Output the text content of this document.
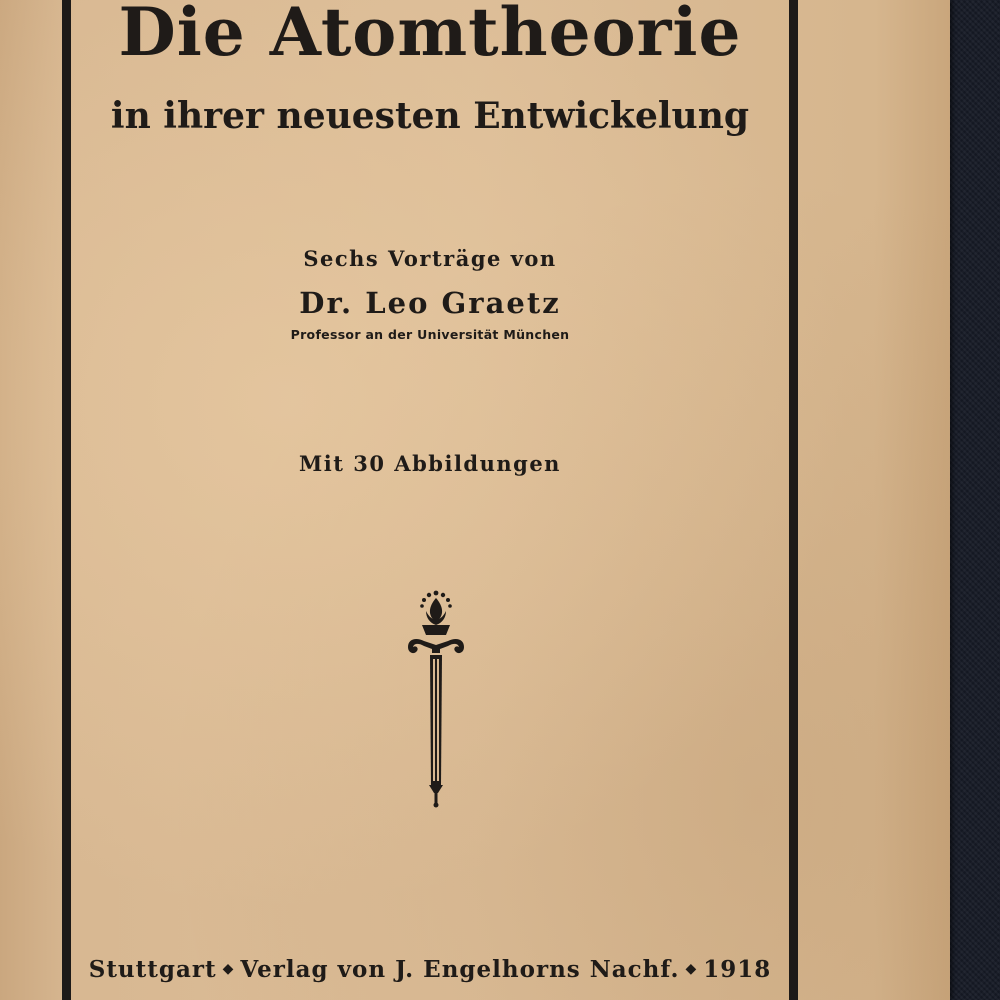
Die Atomtheorie
in ihrer neuesten Entwickelung
Sechs Vorträge von
Dr. Leo Graetz
Professor an der Universität München
Mit 30 Abbildungen
Stuttgart ◆ Verlag von J. Engelhorns Nachf. ◆ 1918
